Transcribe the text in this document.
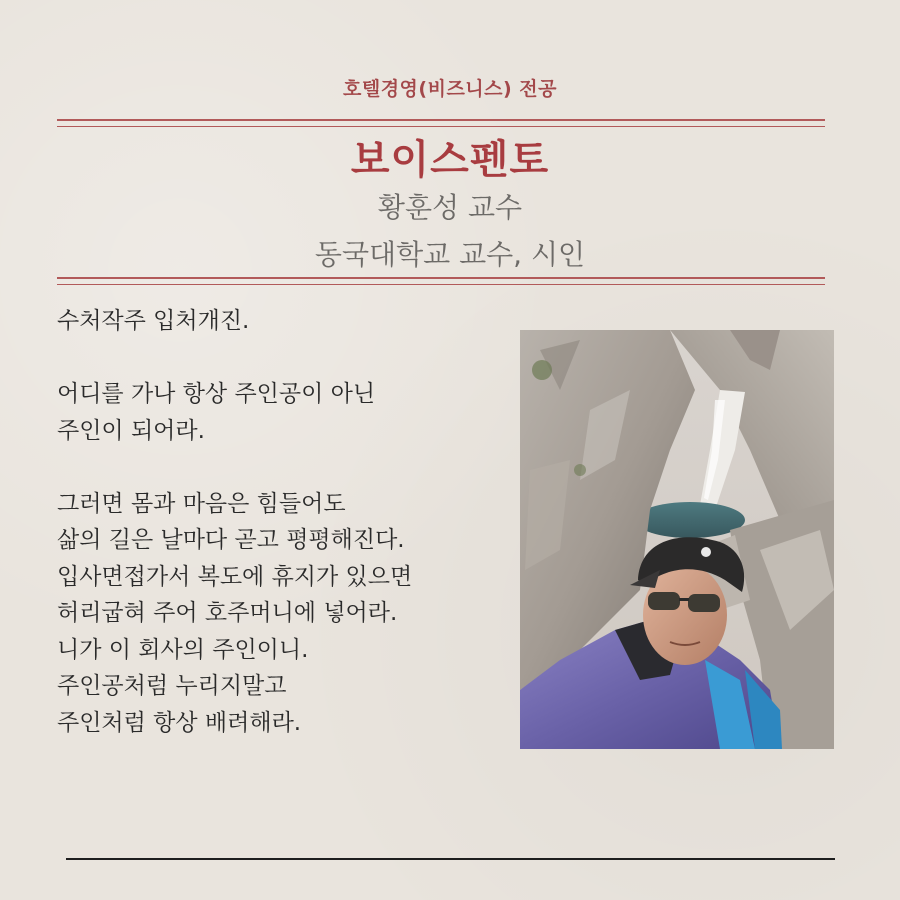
호텔경영(비즈니스) 전공
보이스펜토
황훈성 교수
동국대학교 교수, 시인
수처작주 입처개진.
어디를 가나 항상 주인공이 아닌
주인이 되어라.
그러면 몸과 마음은 힘들어도
삶의 길은 날마다 곧고 평평해진다.
입사면접가서 복도에 휴지가 있으면
허리굽혀 주어 호주머니에 넣어라.
니가 이 회사의 주인이니.
주인공처럼 누리지말고
주인처럼 항상 배려해라.
